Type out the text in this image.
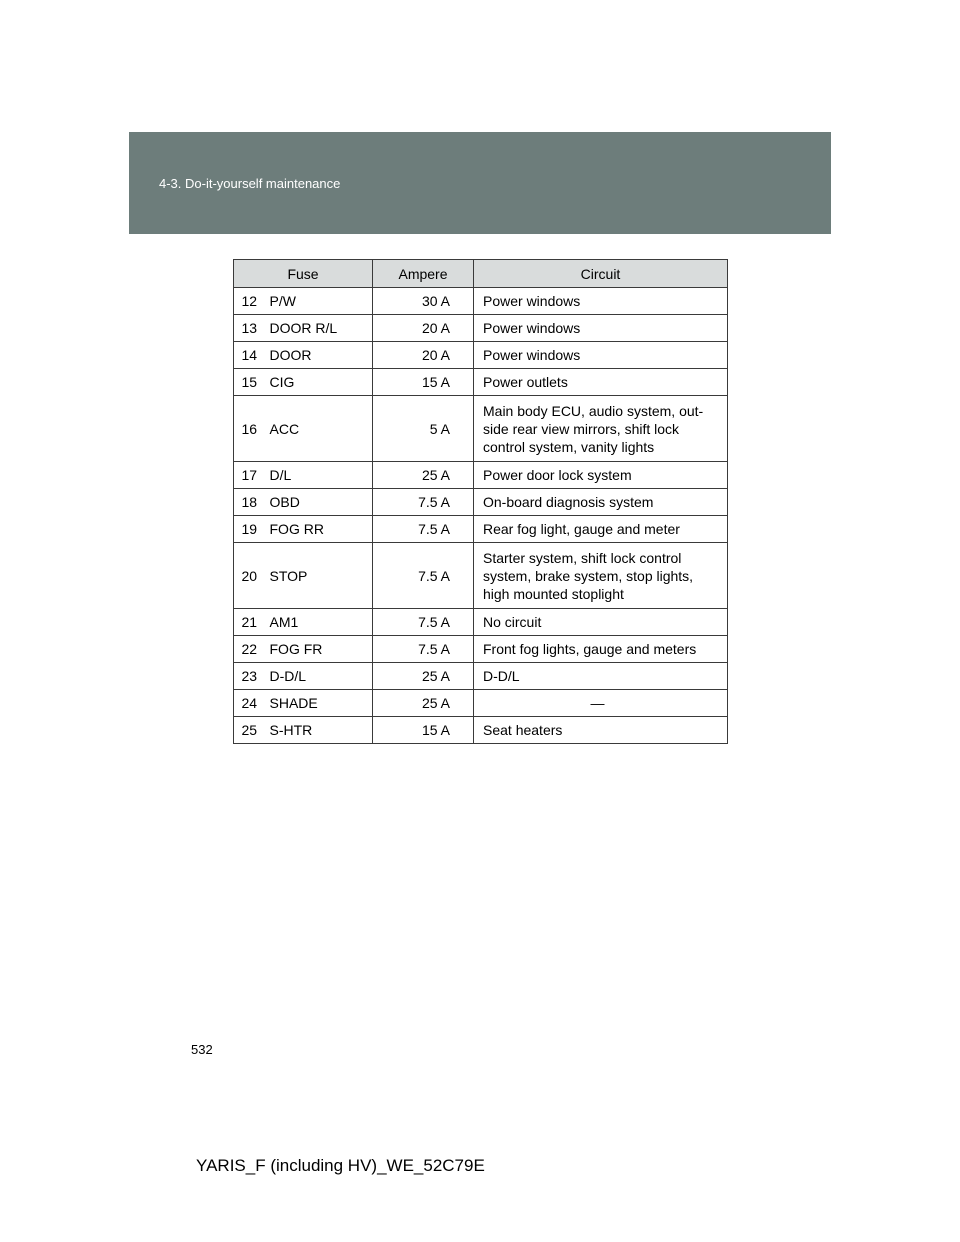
4-3. Do-it-yourself maintenance
Fuse		Ampere	Circuit
12	P/W	30 A	Power windows
13	DOOR R/L	20 A	Power windows
14	DOOR	20 A	Power windows
15	CIG	15 A	Power outlets
16	ACC	5 A	Main body ECU, audio system, out-side rear view mirrors, shift lock control system, vanity lights
17	D/L	25 A	Power door lock system
18	OBD	7.5 A	On-board diagnosis system
19	FOG RR	7.5 A	Rear fog light, gauge and meter
20	STOP	7.5 A	Starter system, shift lock control system, brake system, stop lights, high mounted stoplight
21	AM1	7.5 A	No circuit
22	FOG FR	7.5 A	Front fog lights, gauge and meters
23	D-D/L	25 A	D-D/L
24	SHADE	25 A	—
25	S-HTR	15 A	Seat heaters
532
YARIS_F (including HV)_WE_52C79E
